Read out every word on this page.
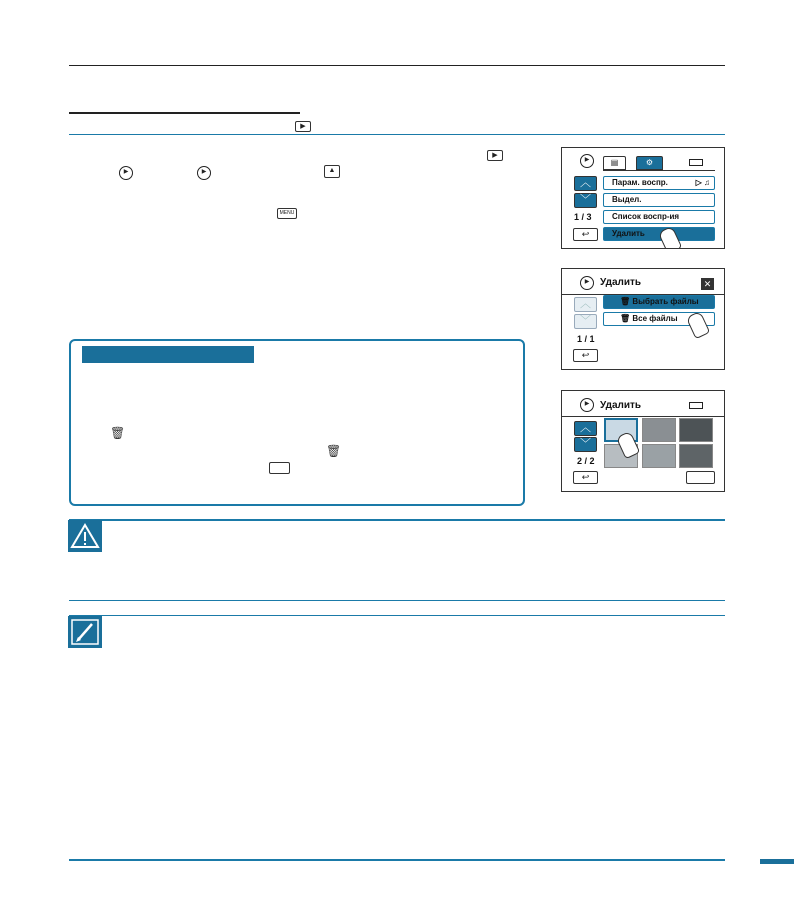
▶
▶
▶	▶	▲
MENU
🗑
🗑
▶	▤	⚙
︿
﹀
1 / 3
↩
Парам. воспр.	▷ ♫
Выдел.
Список воспр-ия
Удалить
▶	Удалить	✕
︿
﹀
1 / 1
↩
🗑 Выбрать файлы
🗑 Все файлы
▶	Удалить
︿
﹀
2 / 2
↩
